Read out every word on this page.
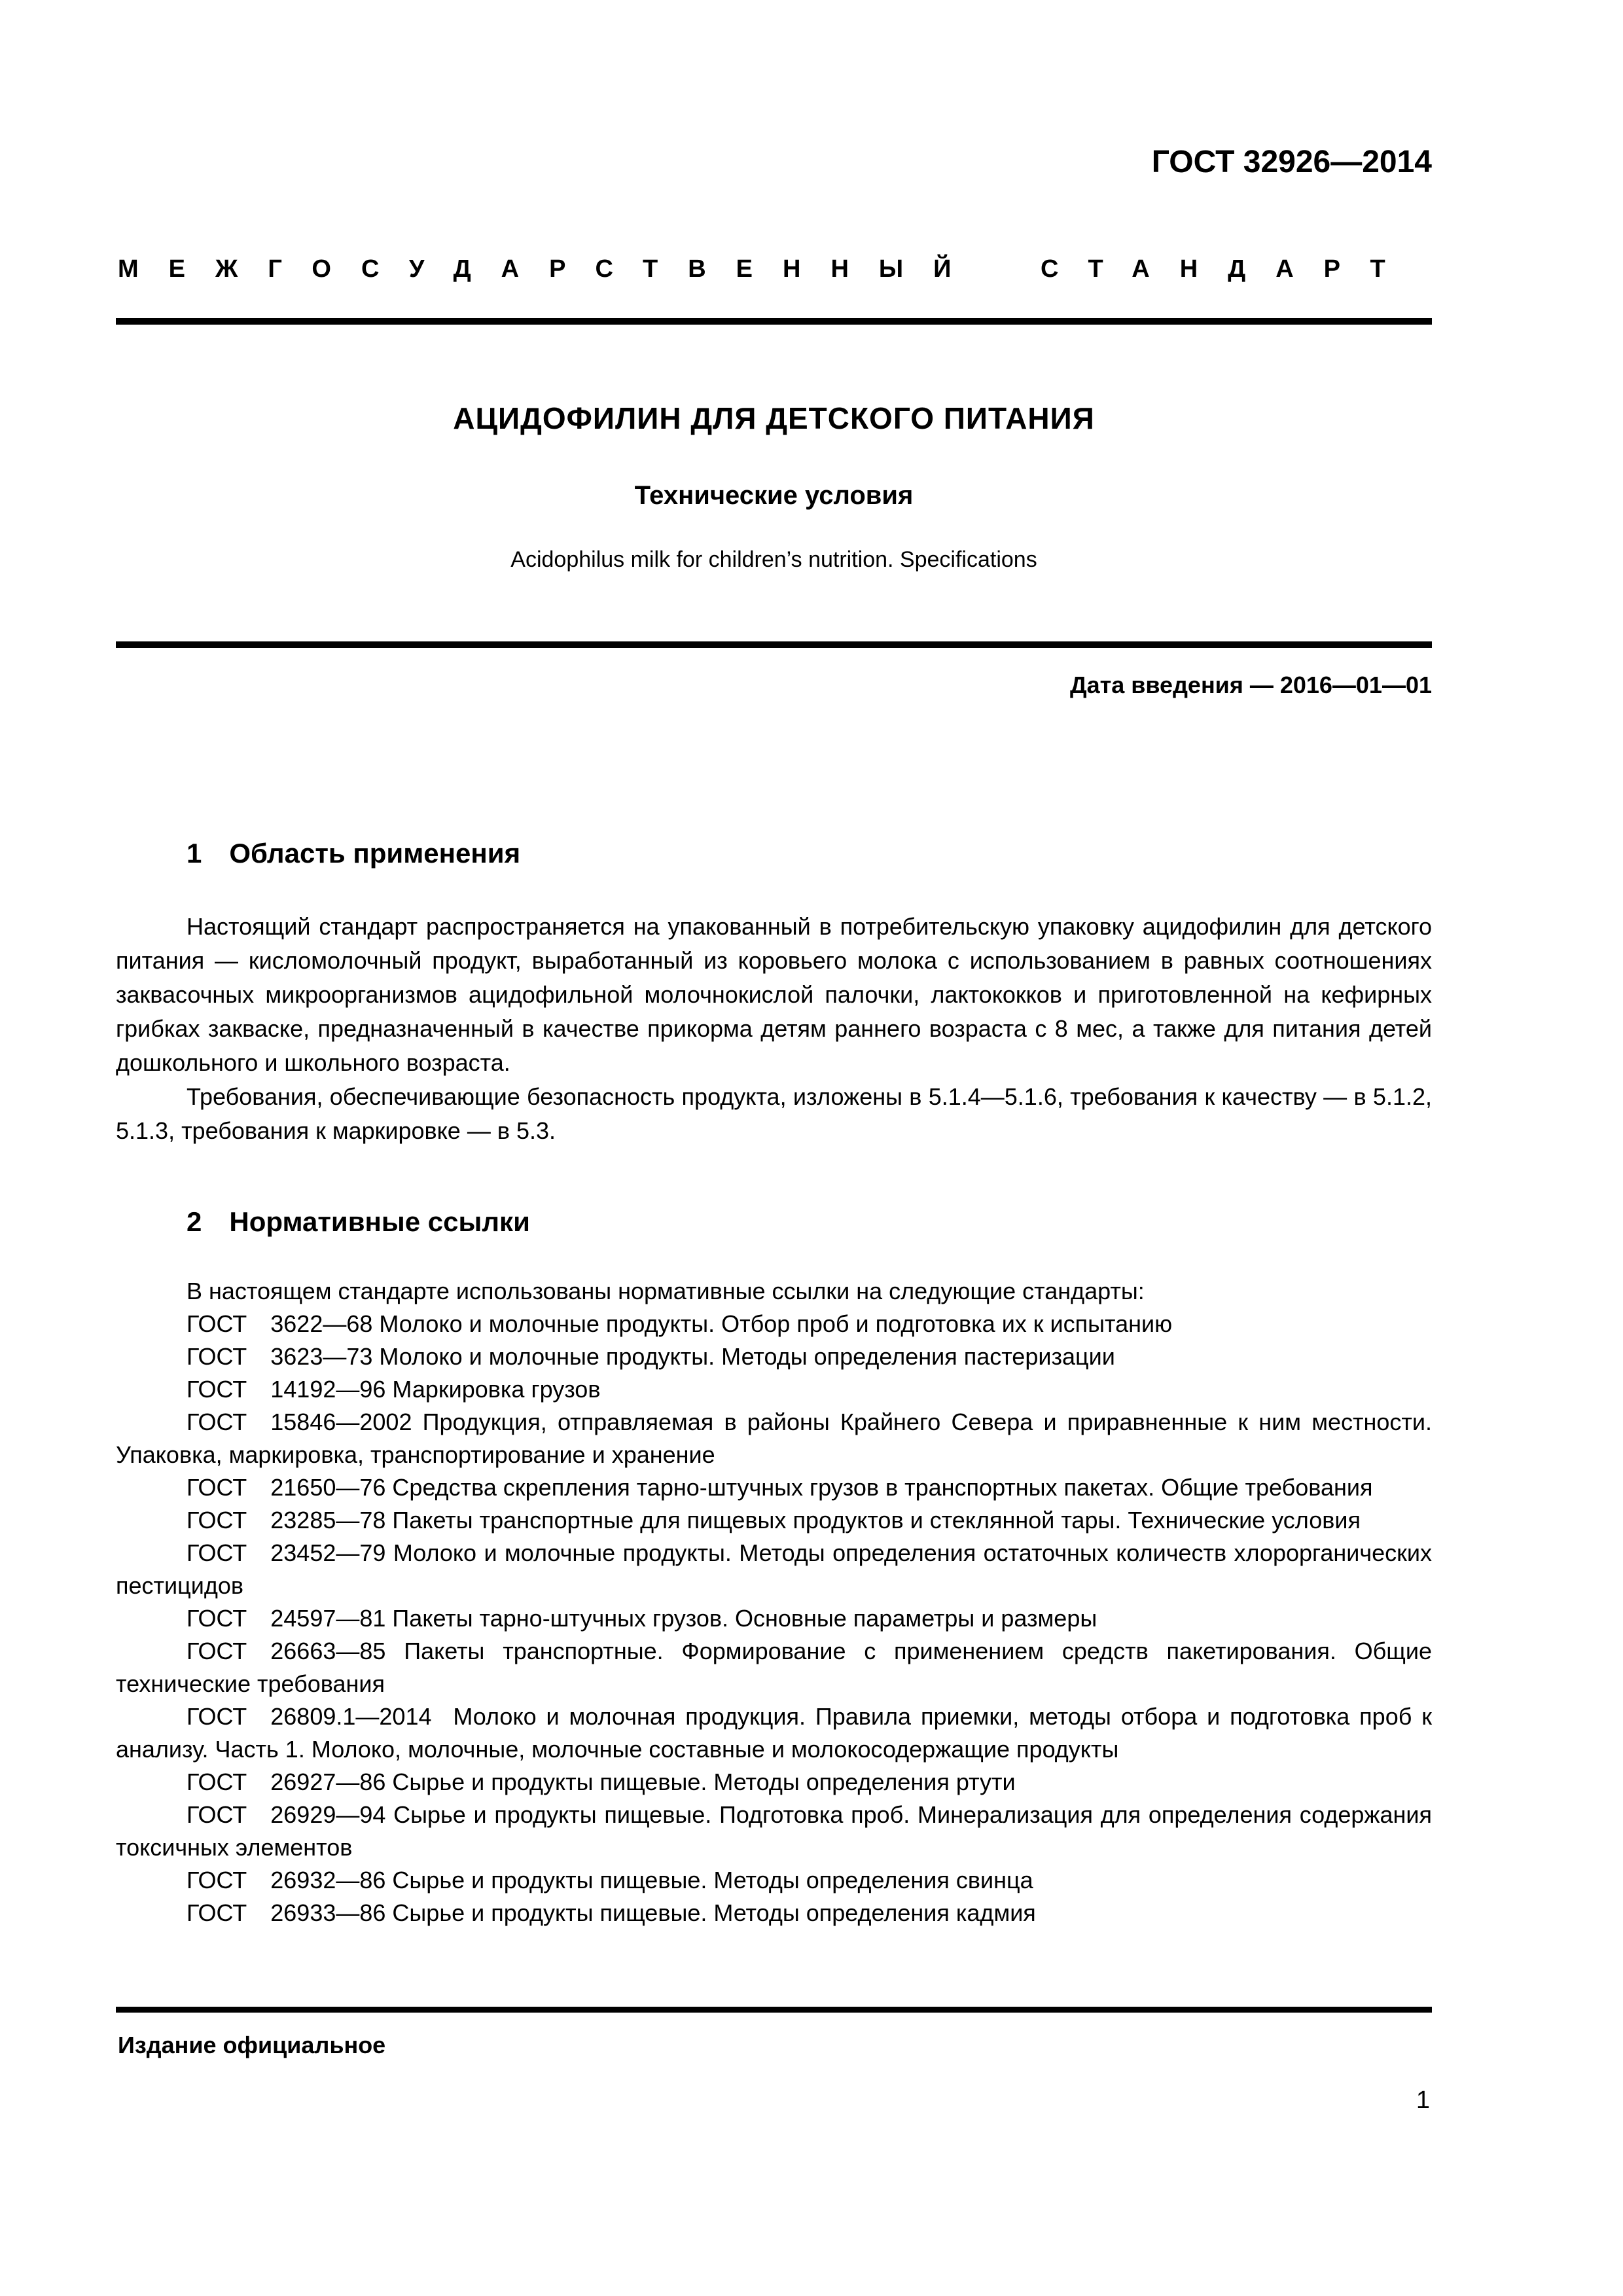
ГОСТ 32926—2014
МЕЖГОСУДАРСТВЕННЫЙ СТАНДАРТ
АЦИДОФИЛИН ДЛЯ ДЕТСКОГО ПИТАНИЯ
Технические условия
Acidophilus milk for children’s nutrition. Specifications
Дата введения — 2016—01—01
1 Область применения

Настоящий стандарт распространяется на упакованный в потребительскую упаковку ацидофилин для детского питания — кисломолочный продукт, выработанный из коровьего молока с использованием в равных соотношениях заквасочных микроорганизмов ацидофильной молочнокислой палочки, лактококков и приготовленной на кефирных грибках закваске, предназначенный в качестве прикорма детям раннего возраста с 8 мес, а также для питания детей дошкольного и школьного возраста.

Требования, обеспечивающие безопасность продукта, изложены в 5.1.4—5.1.6, требования к качеству — в 5.1.2, 5.1.3, требования к маркировке — в 5.3.

2 Нормативные ссылки

В настоящем стандарте использованы нормативные ссылки на следующие стандарты:

ГОСТ  3622—68 Молоко и молочные продукты. Отбор проб и подготовка их к испытанию

ГОСТ  3623—73 Молоко и молочные продукты. Методы определения пастеризации

ГОСТ  14192—96 Маркировка грузов

ГОСТ  15846—2002 Продукция, отправляемая в районы Крайнего Севера и приравненные к ним местности. Упаковка, маркировка, транспортирование и хранение

ГОСТ  21650—76 Средства скрепления тарно-штучных грузов в транспортных пакетах. Общие требования

ГОСТ  23285—78 Пакеты транспортные для пищевых продуктов и стеклянной тары. Технические условия

ГОСТ  23452—79 Молоко и молочные продукты. Методы определения остаточных количеств хлорорганических пестицидов

ГОСТ  24597—81 Пакеты тарно-штучных грузов. Основные параметры и размеры

ГОСТ  26663—85 Пакеты транспортные. Формирование с применением средств пакетирования. Общие технические требования

ГОСТ  26809.1—2014  Молоко и молочная продукция. Правила приемки, методы отбора и подготовка проб к анализу. Часть 1. Молоко, молочные, молочные составные и молокосодержащие продукты

ГОСТ  26927—86 Сырье и продукты пищевые. Методы определения ртути

ГОСТ  26929—94 Сырье и продукты пищевые. Подготовка проб. Минерализация для определения содержания токсичных элементов

ГОСТ  26932—86 Сырье и продукты пищевые. Методы определения свинца

ГОСТ  26933—86 Сырье и продукты пищевые. Методы определения кадмия

Издание официальное
1
